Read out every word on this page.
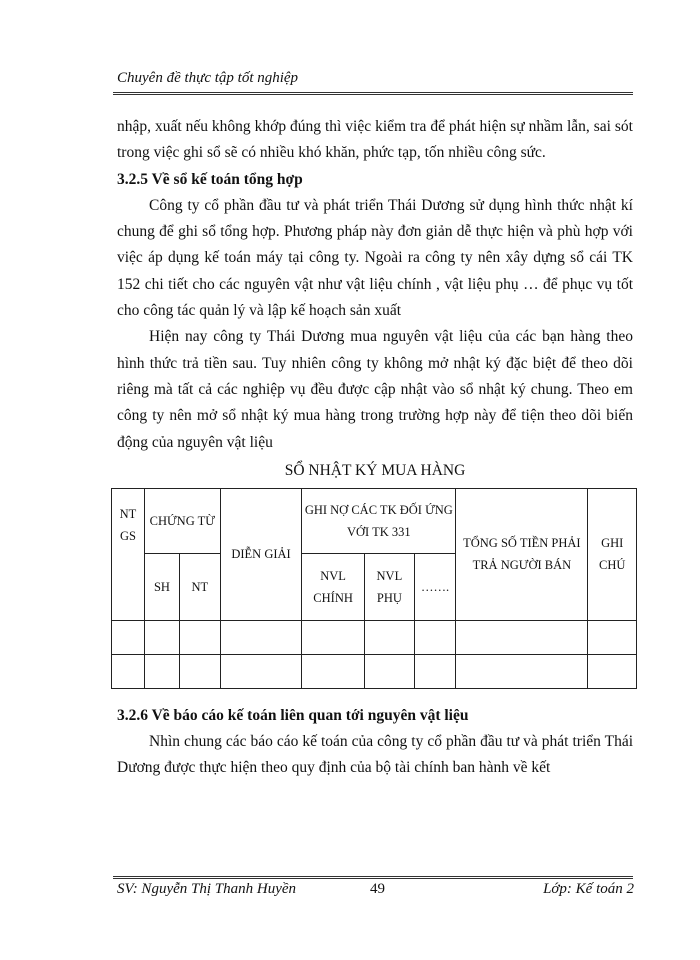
Chuyên đề thực tập tốt nghiệp

nhập, xuất nếu không khớp đúng thì việc kiểm tra để phát hiện sự nhầm lẫn, sai sót trong việc ghi sổ sẽ có nhiều khó khăn, phức tạp, tốn nhiều công sức.

3.2.5 Về sổ kế toán tổng hợp

Công ty cổ phần đầu tư và phát triển Thái Dương sử dụng hình thức nhật kí chung để ghi sổ tổng hợp. Phương pháp này đơn giản dễ thực hiện và phù hợp với việc áp dụng kế toán máy tại công ty. Ngoài ra công ty nên xây dựng sổ cái TK 152 chi tiết cho các nguyên vật như vật liệu chính , vật liệu phụ … để phục vụ tốt cho công tác quản lý và lập kế hoạch sản xuất

Hiện nay công ty Thái Dương mua nguyên vật liệu của các bạn hàng theo hình thức trả tiền sau. Tuy nhiên công ty không mở nhật ký đặc biệt để theo dõi riêng mà tất cả các nghiệp vụ đều được cập nhật vào sổ nhật ký chung. Theo em công ty nên mở sổ nhật ký mua hàng trong trường hợp này để tiện theo dõi biến động của nguyên vật liệu

SỔ NHẬT KÝ MUA HÀNG
NT GS	CHỨNG TỪ		DIỄN GIẢI	GHI NỢ CÁC TK ĐỐI ỨNG VỚI TK 331			TỔNG SỐ TIỀN PHẢI TRẢ NGƯỜI BÁN	GHI CHÚ
	SH	NT		NVL CHÍNH	NVL PHỤ	…….		

3.2.6 Về báo cáo kế toán liên quan tới nguyên vật liệu

Nhìn chung các báo cáo kế toán của công ty cổ phần đầu tư và phát triển Thái Dương được thực hiện theo quy định của bộ tài chính ban hành về kết

SV: Nguyễn Thị Thanh Huyền	49	Lớp: Kế toán 2
